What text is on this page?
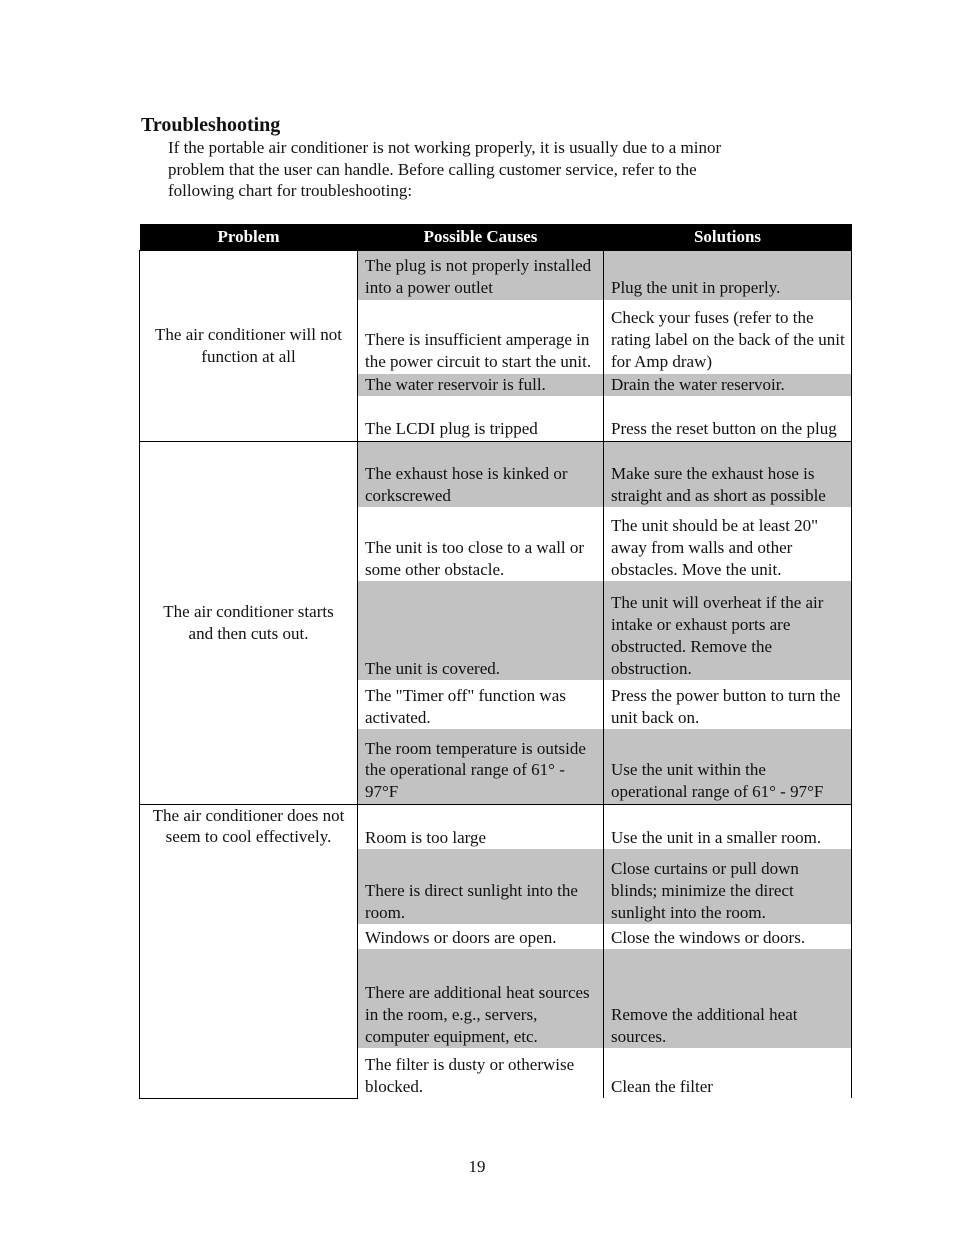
Troubleshooting

If the portable air conditioner is not working properly, it is usually due to a minor
problem that the user can handle. Before calling customer service, refer to the
following chart for troubleshooting:

Problem	Possible Causes	Solutions
The air conditioner will not function at all	The plug is not properly installed into a power outlet	Plug the unit in properly.
	There is insufficient amperage in the power circuit to start the unit.	Check your fuses (refer to the rating label on the back of the unit for Amp draw)
	The water reservoir is full.	Drain the water reservoir.
	The LCDI plug is tripped	Press the reset button on the plug
The air conditioner starts and then cuts out.	The exhaust hose is kinked or corkscrewed	Make sure the exhaust hose is straight and as short as possible
	The unit is too close to a wall or some other obstacle.	The unit should be at least 20" away from walls and other obstacles. Move the unit.
	The unit is covered.	The unit will overheat if the air intake or exhaust ports are obstructed. Remove the obstruction.
	The "Timer off" function was activated.	Press the power button to turn the unit back on.
	The room temperature is outside the operational range of 61° - 97°F	Use the unit within the operational range of 61° - 97°F
The air conditioner does not seem to cool effectively.	Room is too large	Use the unit in a smaller room.
	There is direct sunlight into the room.	Close curtains or pull down blinds; minimize the direct sunlight into the room.
	Windows or doors are open.	Close the windows or doors.
	There are additional heat sources in the room, e.g., servers, computer equipment, etc.	Remove the additional heat sources.
	The filter is dusty or otherwise blocked.	Clean the filter

19
